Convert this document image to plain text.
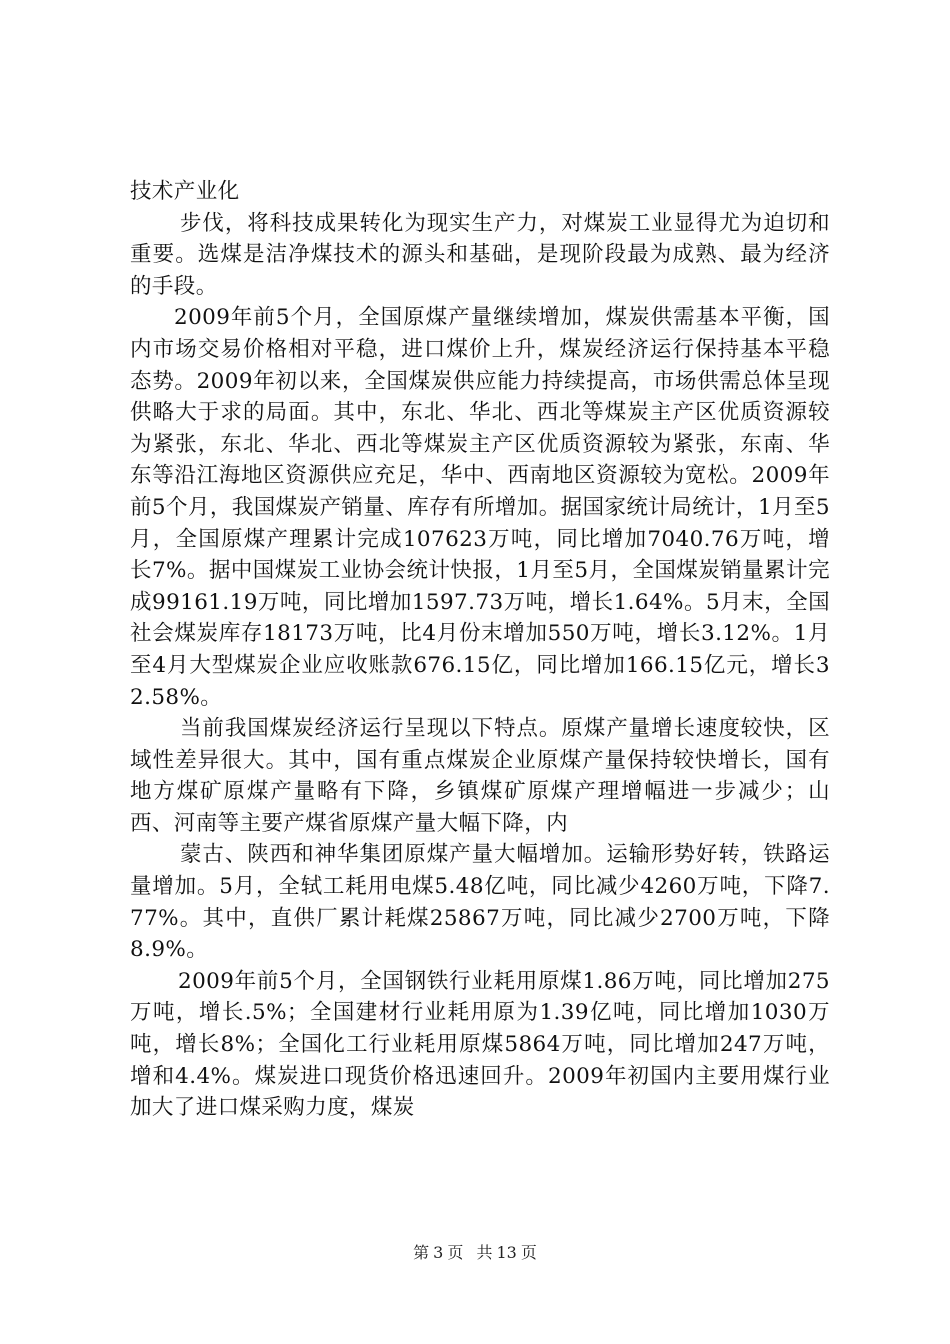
技术产业化

步伐，将科技成果转化为现实生产力，对煤炭工业显得尤为迫切和重要。选煤是洁净煤技术的源头和基础，是现阶段最为成熟、最为经济的手段。

2009年前5个月，全国原煤产量继续增加，煤炭供需基本平衡，国内市场交易价格相对平稳，进口煤价上升，煤炭经济运行保持基本平稳态势。2009年初以来，全国煤炭供应能力持续提高，市场供需总体呈现供略大于求的局面。其中，东北、华北、西北等煤炭主产区优质资源较为紧张，东北、华北、西北等煤炭主产区优质资源较为紧张，东南、华东等沿江海地区资源供应充足，华中、西南地区资源较为宽松。2009年前5个月，我国煤炭产销量、库存有所增加。据国家统计局统计，1月至5月，全国原煤产理累计完成107623万吨，同比增加7040.76万吨，增长7%。据中国煤炭工业协会统计快报，1月至5月，全国煤炭销量累计完成99161.19万吨，同比增加1597.73万吨，增长1.64%。5月末，全国社会煤炭库存18173万吨，比4月份末增加550万吨，增长3.12%。1月至4月大型煤炭企业应收账款676.15亿，同比增加166.15亿元，增长32.58%。

当前我国煤炭经济运行呈现以下特点。原煤产量增长速度较快，区域性差异很大。其中，国有重点煤炭企业原煤产量保持较快增长，国有地方煤矿原煤产量略有下降，乡镇煤矿原煤产理增幅进一步减少；山西、河南等主要产煤省原煤产量大幅下降，内

蒙古、陕西和神华集团原煤产量大幅增加。运输形势好转，铁路运量增加。5月，全轼工耗用电煤5.48亿吨，同比减少4260万吨，下降7.77%。其中，直供厂累计耗煤25867万吨，同比减少2700万吨，下降8.9%。

2009年前5个月，全国钢铁行业耗用原煤1.86万吨，同比增加275万吨，增长.5%；全国建材行业耗用原为1.39亿吨，同比增加1030万吨，增长8%；全国化工行业耗用原煤5864万吨，同比增加247万吨，增和4.4%。煤炭进口现货价格迅速回升。2009年初国内主要用煤行业加大了进口煤采购力度，煤炭

第 3 页 共 13 页
